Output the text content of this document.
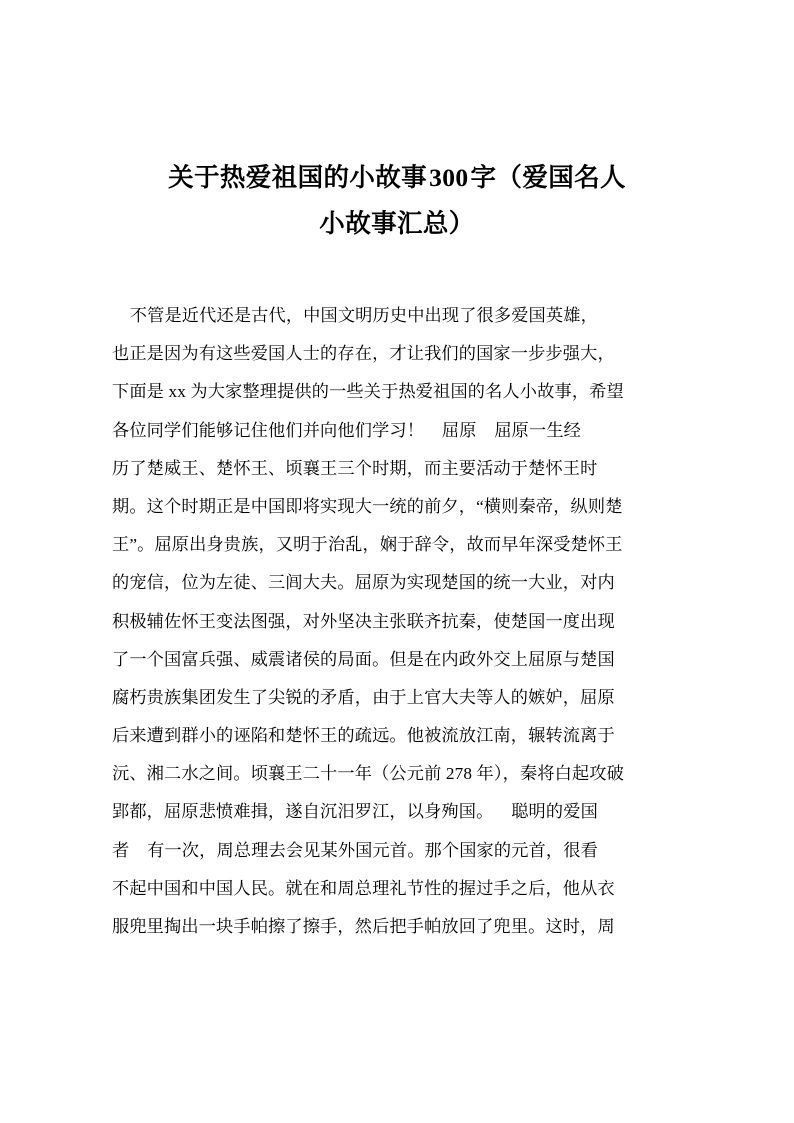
关于热爱祖国的小故事300字（爱国名人
小故事汇总）
不管是近代还是古代，中国文明历史中出现了很多爱国英雄，
也正是因为有这些爱国人士的存在，才让我们的国家一步步强大，
下面是 xx 为大家整理提供的一些关于热爱祖国的名人小故事，希望
各位同学们能够记住他们并向他们学习！    屈原    屈原一生经
历了楚威王、楚怀王、顷襄王三个时期，而主要活动于楚怀王时
期。这个时期正是中国即将实现大一统的前夕，“横则秦帝，纵则楚
王”。屈原出身贵族，又明于治乱，娴于辞令，故而早年深受楚怀王
的宠信，位为左徒、三闾大夫。屈原为实现楚国的统一大业，对内
积极辅佐怀王变法图强，对外坚决主张联齐抗秦，使楚国一度出现
了一个国富兵强、威震诸侯的局面。但是在内政外交上屈原与楚国
腐朽贵族集团发生了尖锐的矛盾，由于上官大夫等人的嫉妒，屈原
后来遭到群小的诬陷和楚怀王的疏远。他被流放江南，辗转流离于
沅、湘二水之间。顷襄王二十一年（公元前 278 年），秦将白起攻破
郢都，屈原悲愤难揖，遂自沉汨罗江，以身殉国。    聪明的爱国
者    有一次，周总理去会见某外国元首。那个国家的元首，很看
不起中国和中国人民。就在和周总理礼节性的握过手之后，他从衣
服兜里掏出一块手帕擦了擦手，然后把手帕放回了兜里。这时，周
